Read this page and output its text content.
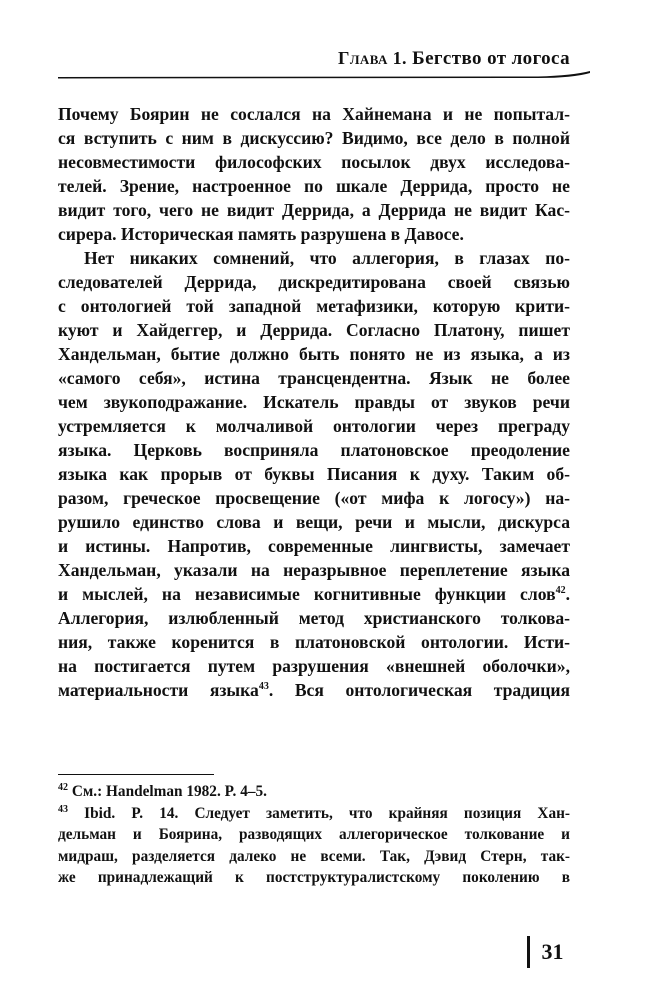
Глава 1. Бегство от логоса
Почему Боярин не сослался на Хайнемана и не попытал-
ся вступить с ним в дискуссию? Видимо, все дело в полной
несовместимости философских посылок двух исследова-
телей. Зрение, настроенное по шкале Деррида, просто не
видит того, чего не видит Деррида, а Деррида не видит Кас-
сирера. Историческая память разрушена в Давосе.
Нет никаких сомнений, что аллегория, в глазах по-
следователей Деррида, дискредитирована своей связью
с онтологией той западной метафизики, которую крити-
куют и Хайдеггер, и Деррида. Согласно Платону, пишет
Хандельман, бытие должно быть понято не из языка, а из
«самого себя», истина трансцендентна. Язык не более
чем звукоподражание. Искатель правды от звуков речи
устремляется к молчаливой онтологии через преграду
языка. Церковь восприняла платоновское преодоление
языка как прорыв от буквы Писания к духу. Таким об-
разом, греческое просвещение («от мифа к логосу») на-
рушило единство слова и вещи, речи и мысли, дискурса
и истины. Напротив, современные лингвисты, замечает
Хандельман, указали на неразрывное переплетение языка
и мыслей, на независимые когнитивные функции слов$^{42}$.
Аллегория, излюбленный метод христианского толкова-
ния, также коренится в платоновской онтологии. Исти-
на постигается путем разрушения «внешней оболочки»,
материальности языка$^{43}$. Вся онтологическая традиция
$^{42}$ См.: Handelman 1982. P. 4–5.
$^{43}$ Ibid. P. 14. Следует заметить, что крайняя позиция Хан-
дельман и Боярина, разводящих аллегорическое толкование и
мидраш, разделяется далеко не всеми. Так, Дэвид Стерн, так-
же принадлежащий к постструктуралистскому поколению в
31
